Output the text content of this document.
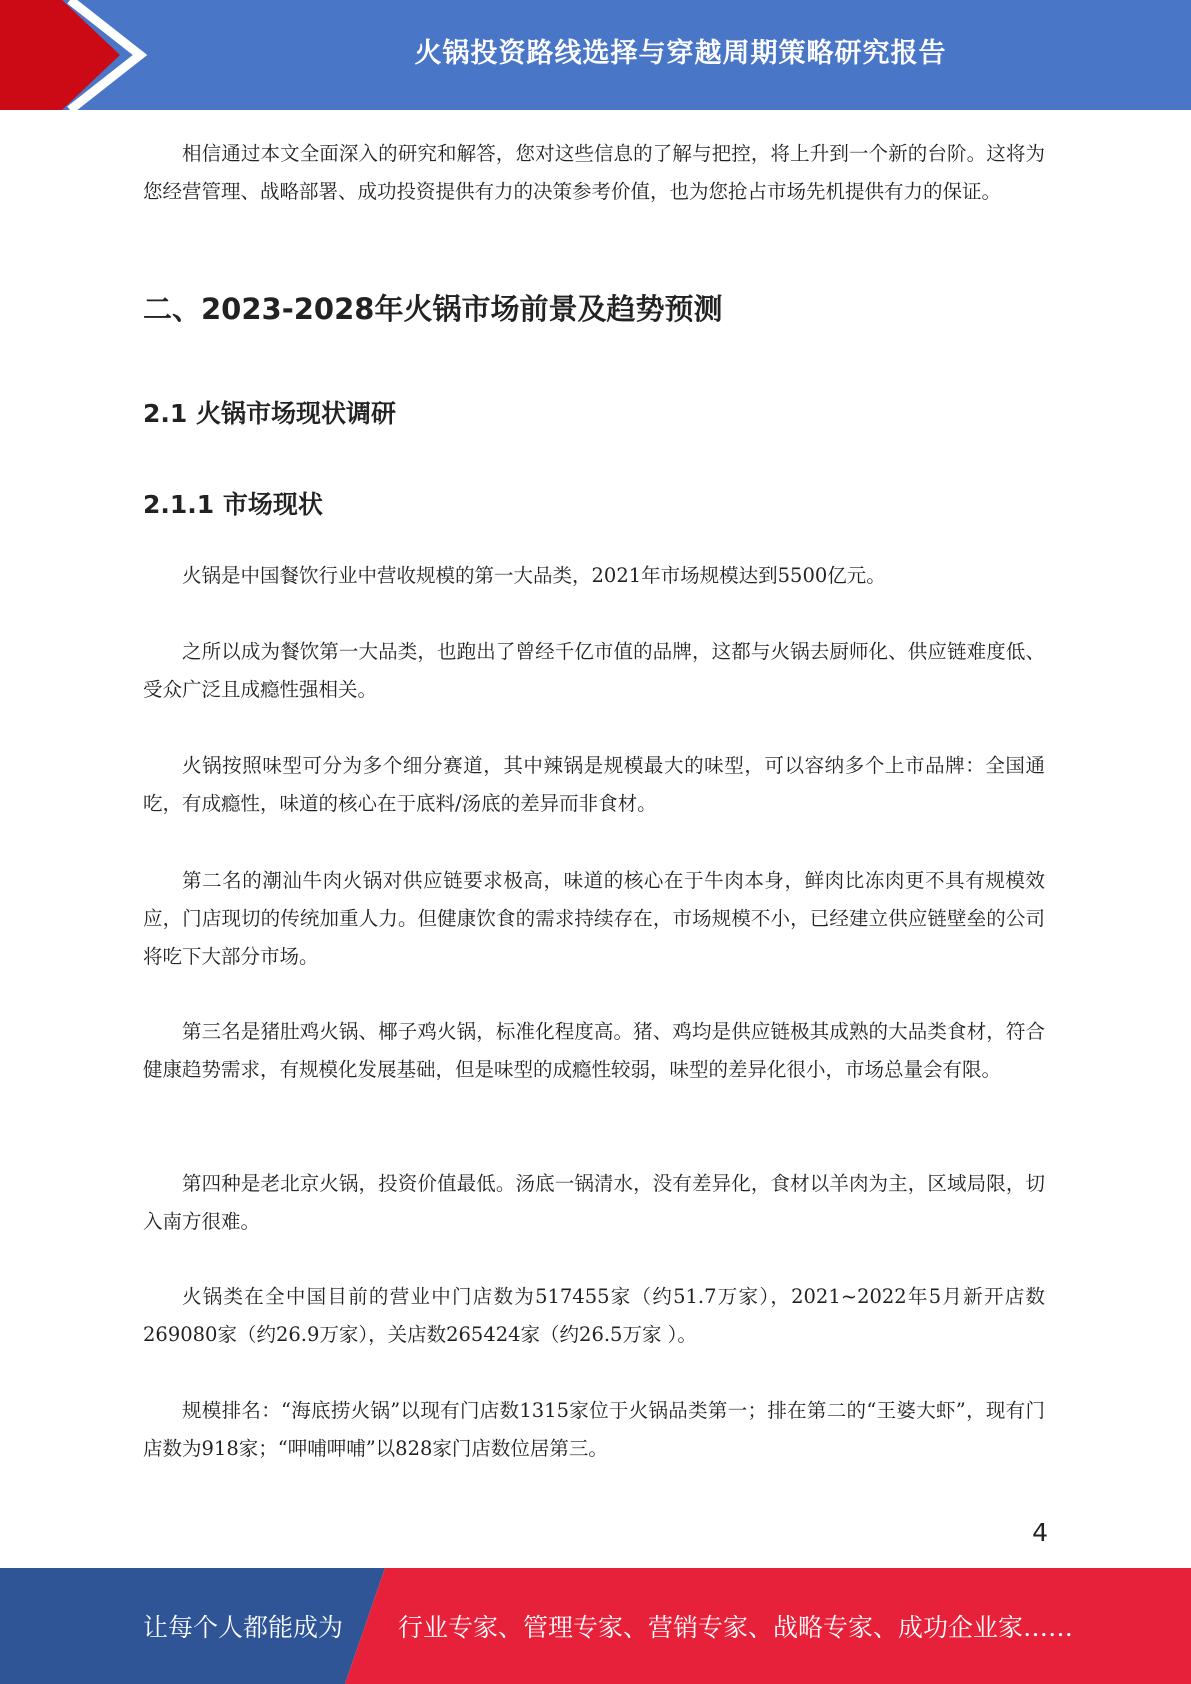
火锅投资路线选择与穿越周期策略研究报告

相信通过本文全面深入的研究和解答，您对这些信息的了解与把控，将上升到一个新的台阶。这将为您经营管理、战略部署、成功投资提供有力的决策参考价值，也为您抢占市场先机提供有力的保证。

二、2023-2028年火锅市场前景及趋势预测
2.1 火锅市场现状调研
2.1.1 市场现状

火锅是中国餐饮行业中营收规模的第一大品类，2021年市场规模达到5500亿元。

之所以成为餐饮第一大品类，也跑出了曾经千亿市值的品牌，这都与火锅去厨师化、供应链难度低、受众广泛且成瘾性强相关。

火锅按照味型可分为多个细分赛道，其中辣锅是规模最大的味型，可以容纳多个上市品牌：全国通吃，有成瘾性，味道的核心在于底料/汤底的差异而非食材。

第二名的潮汕牛肉火锅对供应链要求极高，味道的核心在于牛肉本身，鲜肉比冻肉更不具有规模效应，门店现切的传统加重人力。但健康饮食的需求持续存在，市场规模不小，已经建立供应链壁垒的公司将吃下大部分市场。

第三名是猪肚鸡火锅、椰子鸡火锅，标准化程度高。猪、鸡均是供应链极其成熟的大品类食材，符合健康趋势需求，有规模化发展基础，但是味型的成瘾性较弱，味型的差异化很小，市场总量会有限。

第四种是老北京火锅，投资价值最低。汤底一锅清水，没有差异化，食材以羊肉为主，区域局限，切入南方很难。

火锅类在全中国目前的营业中门店数为517455家（约51.7万家），2021~2022年5月新开店数269080家（约26.9万家），关店数265424家（约26.5万家 ）。

规模排名：“海底捞火锅”以现有门店数1315家位于火锅品类第一；排在第二的“王婆大虾”，现有门店数为918家；“呷哺呷哺”以828家门店数位居第三。

4
让每个人都能成为 行业专家、管理专家、营销专家、战略专家、成功企业家……
